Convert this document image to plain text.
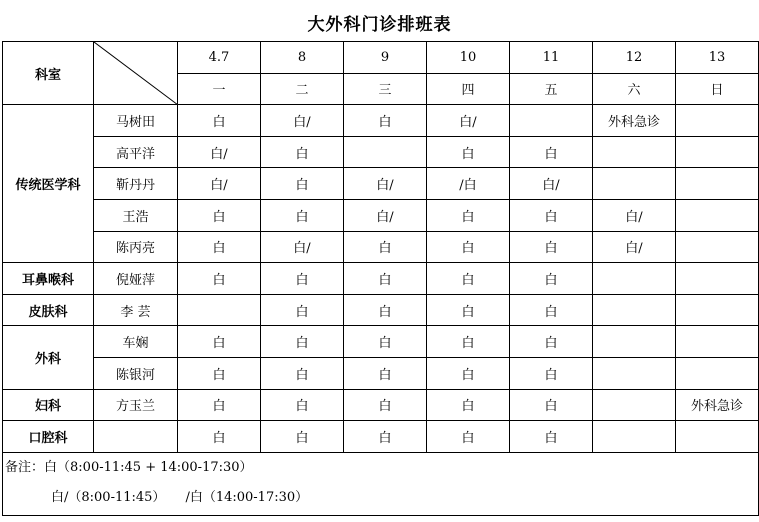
大外科门诊排班表
科室		4.7	8	9	10	11	12	13
		一	二	三	四	五	六	日
传统医学科	马树田	白	白/	白	白/		外科急诊	
	高平洋	白/	白		白	白		
	靳丹丹	白/	白	白/	/白	白/		
	王浩	白	白	白/	白	白	白/	
	陈丙亮	白	白/	白	白	白	白/	
耳鼻喉科	倪娅萍	白	白	白	白	白		
皮肤科	李 芸		白	白	白	白		
外科	车娴	白	白	白	白	白		
	陈银河	白	白	白	白	白		
妇科	方玉兰	白	白	白	白	白		外科急诊
口腔科		白	白	白	白	白		

备注：白（8:00-11:45 + 14:00-17:30）
白/（8:00-11:45） /白（14:00-17:30）								
